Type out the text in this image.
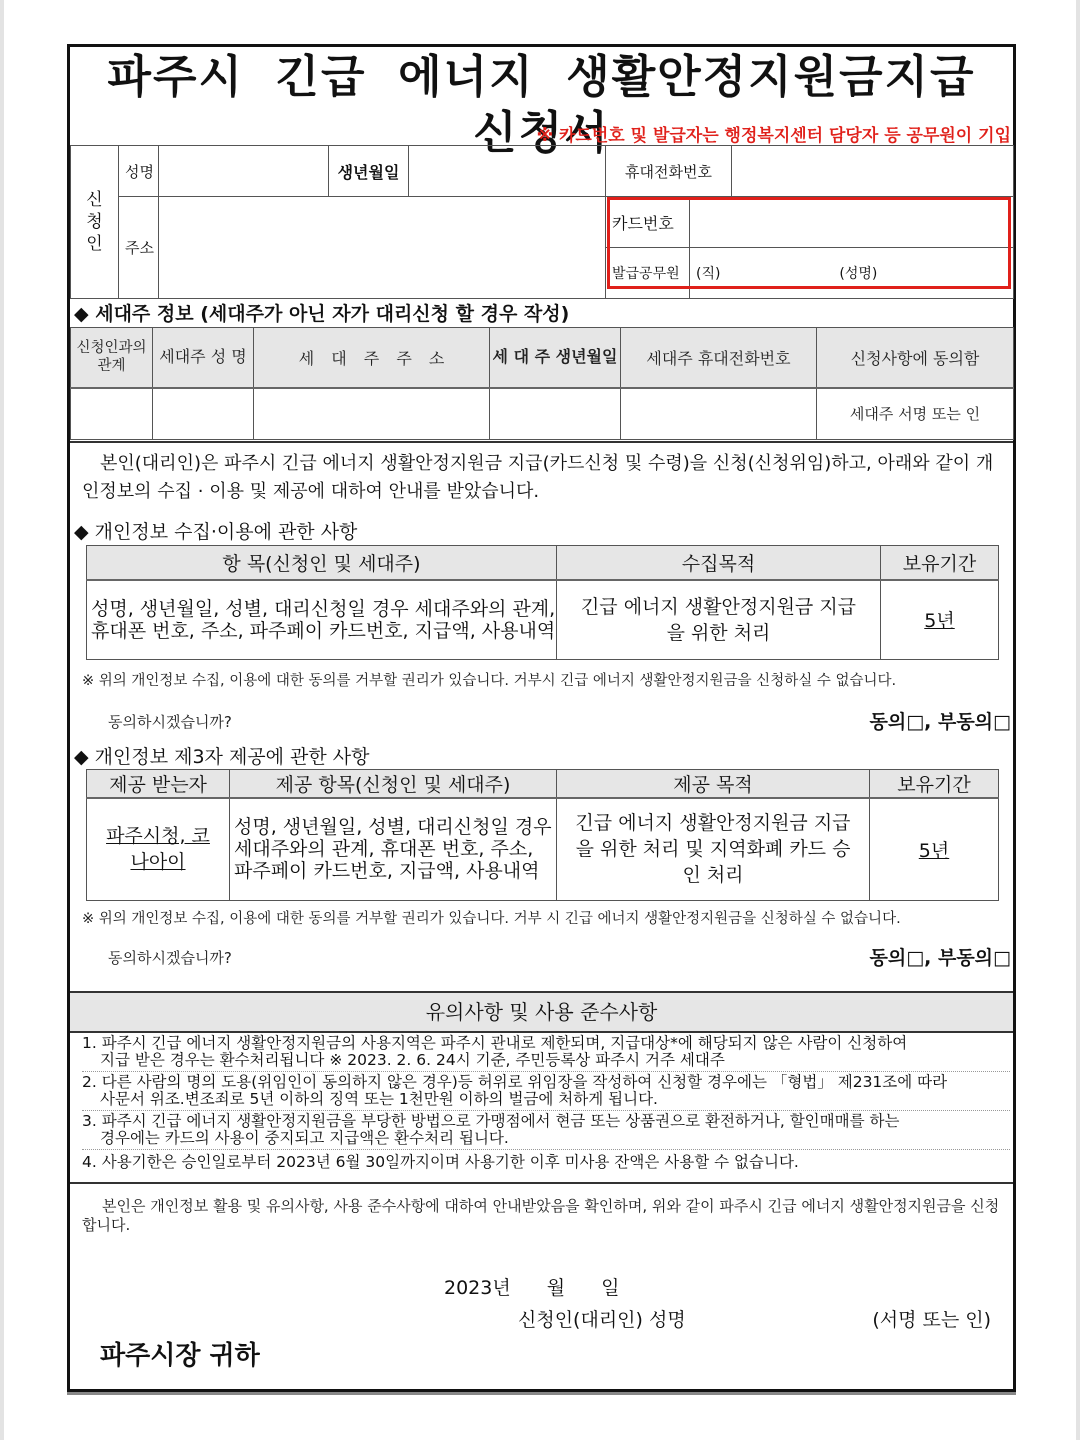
파주시 긴급 에너지 생활안정지원금지급 신청서
※ 카드번호 및 발급자는 행정복지센터 담당자 등 공무원이 기입
신청인	성명		생년월일		휴대전화번호		
	주소				카드번호		
					발급공무원	(직) (성명)	
◆ 세대주 정보 (세대주가 아닌 자가 대리신청 할 경우 작성)
신청인과의 관계	세대주 성 명	세 대 주 주 소	세 대 주 생년월일	세대주 휴대전화번호	신청사항에 동의함
					세대주 서명 또는 인
본인(대리인)은 파주시 긴급 에너지 생활안정지원금 지급(카드신청 및 수령)을 신청(신청위임)하고, 아래와 같이 개인정보의 수집 · 이용 및 제공에 대하여 안내를 받았습니다.
◆ 개인정보 수집·이용에 관한 사항
항 목(신청인 및 세대주)	수집목적	보유기간
성명, 생년월일, 성별, 대리신청일 경우 세대주와의 관계, 휴대폰 번호, 주소, 파주페이 카드번호, 지급액, 사용내역	긴급 에너지 생활안정지원금 지급을 위한 처리	5년
※ 위의 개인정보 수집, 이용에 대한 동의를 거부할 권리가 있습니다. 거부시 긴급 에너지 생활안정지원금을 신청하실 수 없습니다.
동의하시겠습니까?	동의□, 부동의□
◆ 개인정보 제3자 제공에 관한 사항
제공 받는자	제공 항목(신청인 및 세대주)	제공 목적	보유기간
파주시청, 코나아이	성명, 생년월일, 성별, 대리신청일 경우 세대주와의 관계, 휴대폰 번호, 주소, 파주페이 카드번호, 지급액, 사용내역	긴급 에너지 생활안정지원금 지급을 위한 처리 및 지역화폐 카드 승인 처리	5년
※ 위의 개인정보 수집, 이용에 대한 동의를 거부할 권리가 있습니다. 거부 시 긴급 에너지 생활안정지원금을 신청하실 수 없습니다.
동의하시겠습니까?	동의□, 부동의□
유의사항 및 사용 준수사항
1. 파주시 긴급 에너지 생활안정지원금의 사용지역은 파주시 관내로 제한되며, 지급대상*에 해당되지 않은 사람이 신청하여
지급 받은 경우는 환수처리됩니다 ※ 2023. 2. 6. 24시 기준, 주민등록상 파주시 거주 세대주
2. 다른 사람의 명의 도용(위임인이 동의하지 않은 경우)등 허위로 위임장을 작성하여 신청할 경우에는 「형법」 제231조에 따라
사문서 위조.변조죄로 5년 이하의 징역 또는 1천만원 이하의 벌금에 처하게 됩니다.
3. 파주시 긴급 에너지 생활안정지원금을 부당한 방법으로 가맹점에서 현금 또는 상품권으로 환전하거나, 할인매매를 하는
경우에는 카드의 사용이 중지되고 지급액은 환수처리 됩니다.
4. 사용기한은 승인일로부터 2023년 6월 30일까지이며 사용기한 이후 미사용 잔액은 사용할 수 없습니다.
본인은 개인정보 활용 및 유의사항, 사용 준수사항에 대하여 안내받았음을 확인하며, 위와 같이 파주시 긴급 에너지 생활안정지원금을 신청합니다.
2023년 월 일
신청인(대리인) 성명	(서명 또는 인)
파주시장 귀하
